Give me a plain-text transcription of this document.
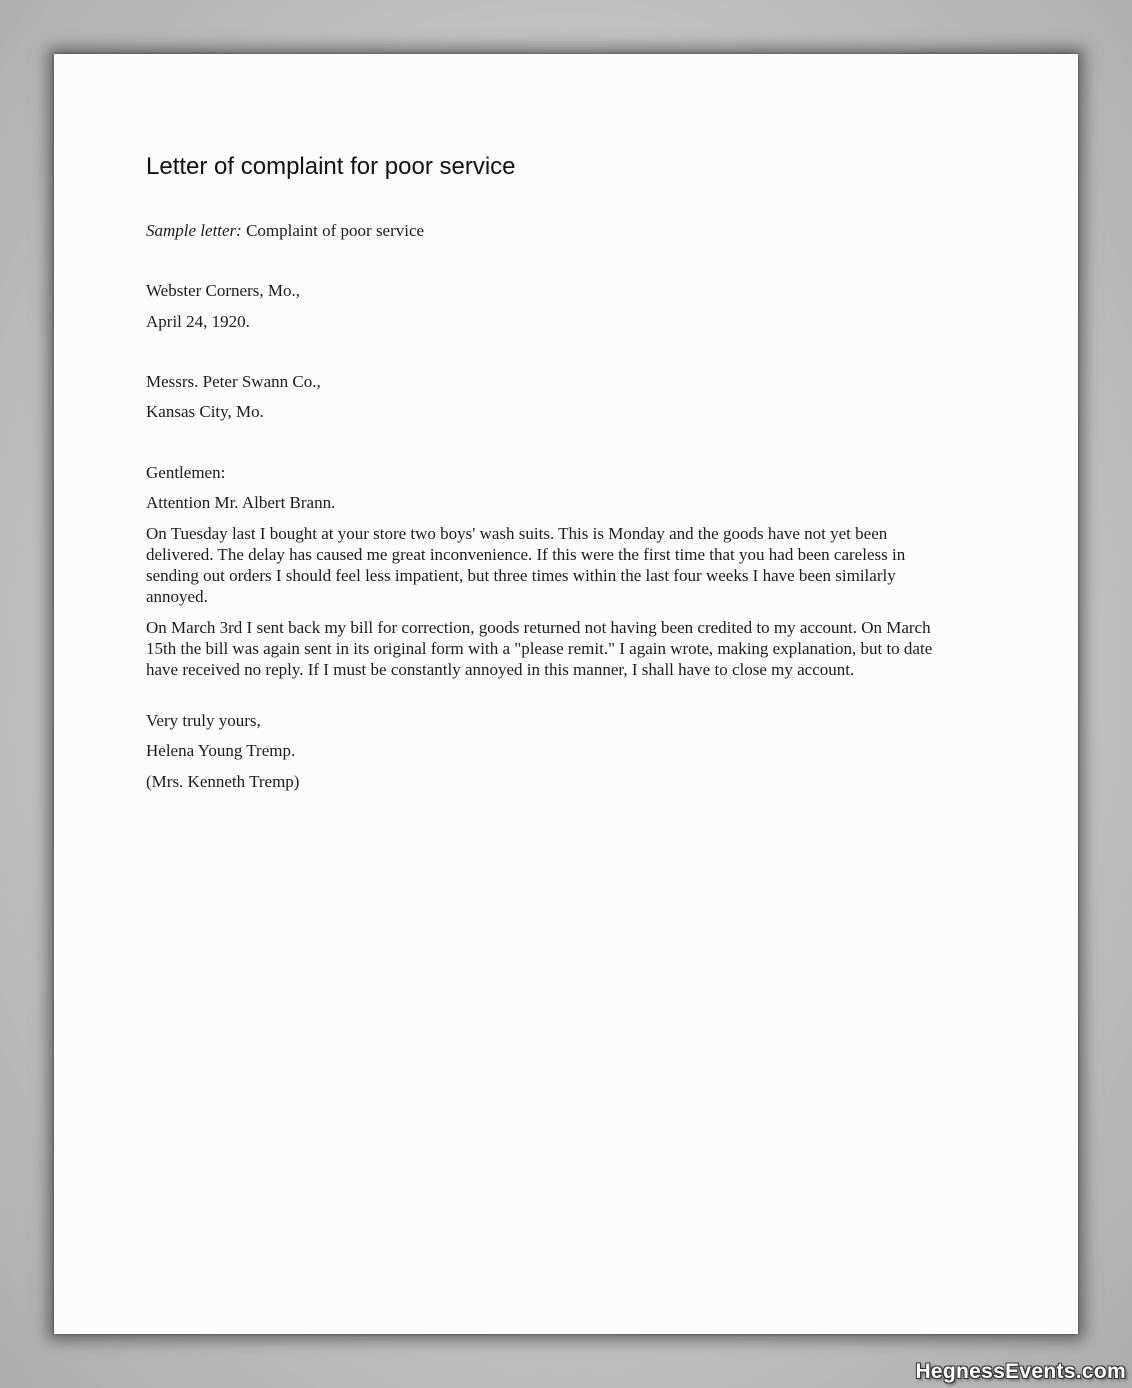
Letter of complaint for poor service

Sample letter: Complaint of poor service

Webster Corners, Mo.,

April 24, 1920.

Messrs. Peter Swann Co.,

Kansas City, Mo.

Gentlemen:

Attention Mr. Albert Brann.

On Tuesday last I bought at your store two boys' wash suits. This is Monday and the goods have not yet been delivered. The delay has caused me great inconvenience. If this were the first time that you had been careless in sending out orders I should feel less impatient, but three times within the last four weeks I have been similarly annoyed.

On March 3rd I sent back my bill for correction, goods returned not having been credited to my account. On March 15th the bill was again sent in its original form with a "please remit." I again wrote, making explanation, but to date have received no reply. If I must be constantly annoyed in this manner, I shall have to close my account.

Very truly yours,

Helena Young Tremp.

(Mrs. Kenneth Tremp)

HegnessEvents.com
